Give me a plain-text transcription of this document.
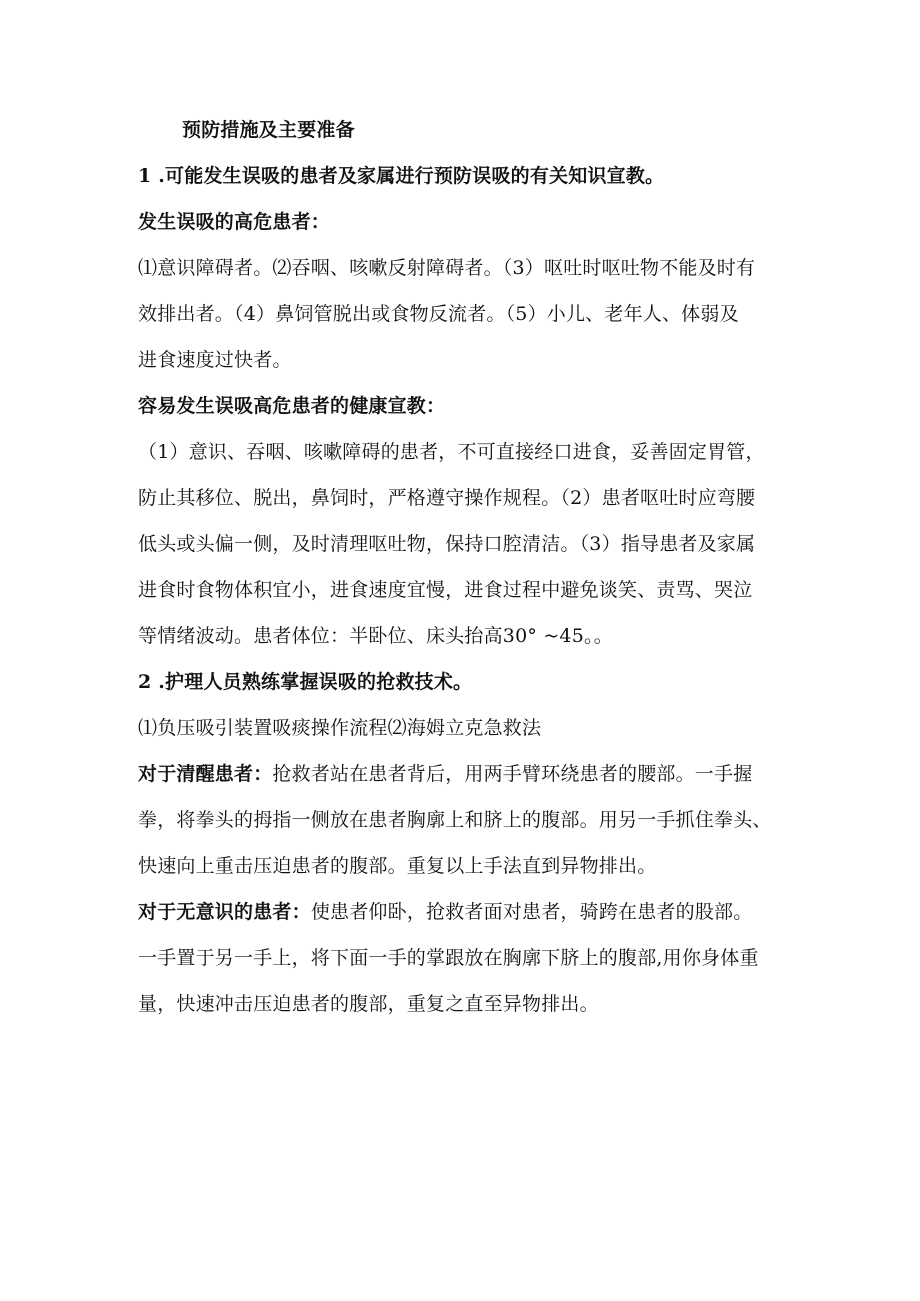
预防措施及主要准备
1 .可能发生误吸的患者及家属进行预防误吸的有关知识宣教。
发生误吸的高危患者：
⑴意识障碍者。⑵吞咽、咳嗽反射障碍者。（3）呕吐时呕吐物不能及时有
效排出者。（4）鼻饲管脱出或食物反流者。（5）小儿、老年人、体弱及
进食速度过快者。
容易发生误吸高危患者的健康宣教：
（1）意识、吞咽、咳嗽障碍的患者，不可直接经口进食，妥善固定胃管，
防止其移位、脱出，鼻饲时，严格遵守操作规程。（2）患者呕吐时应弯腰
低头或头偏一侧，及时清理呕吐物，保持口腔清洁。（3）指导患者及家属
进食时食物体积宜小，进食速度宜慢，进食过程中避免谈笑、责骂、哭泣
等情绪波动。患者体位：半卧位、床头抬高30° ~45。。
2 .护理人员熟练掌握误吸的抢救技术。
⑴负压吸引装置吸痰操作流程⑵海姆立克急救法
对于清醒患者：抢救者站在患者背后，用两手臂环绕患者的腰部。一手握
拳，将拳头的拇指一侧放在患者胸廓上和脐上的腹部。用另一手抓住拳头、
快速向上重击压迫患者的腹部。重复以上手法直到异物排出。
对于无意识的患者：使患者仰卧，抢救者面对患者，骑跨在患者的股部。
一手置于另一手上，将下面一手的掌跟放在胸廓下脐上的腹部,用你身体重
量，快速冲击压迫患者的腹部，重复之直至异物排出。
